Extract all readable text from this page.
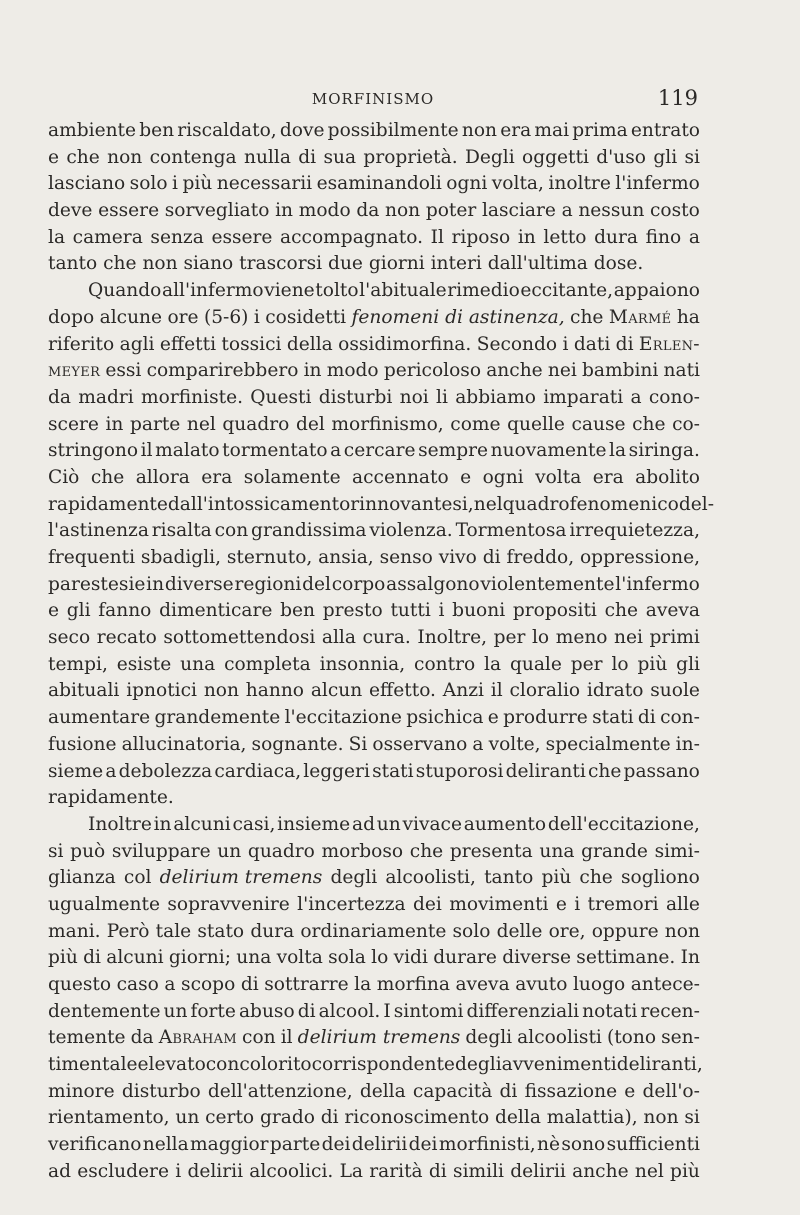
MORFINISMO	119
ambiente ben riscaldato, dove possibilmente non era mai prima entrato
e che non contenga nulla di sua proprietà. Degli oggetti d'uso gli si
lasciano solo i più necessarii esaminandoli ogni volta, inoltre l'infermo
deve essere sorvegliato in modo da non poter lasciare a nessun costo
la camera senza essere accompagnato. Il riposo in letto dura fino a
tanto che non siano trascorsi due giorni interi dall'ultima dose.
Quando all'infermo viene tolto l'abituale rimedio eccitante, appaiono
dopo alcune ore (5-6) i cosidetti fenomeni di astinenza, che Marmé ha
riferito agli effetti tossici della ossidimorfina. Secondo i dati di Erlen-
meyer essi comparirebbero in modo pericoloso anche nei bambini nati
da madri morfiniste. Questi disturbi noi li abbiamo imparati a cono-
scere in parte nel quadro del morfinismo, come quelle cause che co-
stringono il malato tormentato a cercare sempre nuovamente la siringa.
Ciò che allora era solamente accennato e ogni volta era abolito
rapidamente dall'intossicamento rinnovantesi, nel quadro fenomenico del-
l'astinenza risalta con grandissima violenza. Tormentosa irrequietezza,
frequenti sbadigli, sternuto, ansia, senso vivo di freddo, oppressione,
parestesie in diverse regioni del corpo assalgono violentemente l'infermo
e gli fanno dimenticare ben presto tutti i buoni propositi che aveva
seco recato sottomettendosi alla cura. Inoltre, per lo meno nei primi
tempi, esiste una completa insonnia, contro la quale per lo più gli
abituali ipnotici non hanno alcun effetto. Anzi il cloralio idrato suole
aumentare grandemente l'eccitazione psichica e produrre stati di con-
fusione allucinatoria, sognante. Si osservano a volte, specialmente in-
sieme a debolezza cardiaca, leggeri stati stuporosi deliranti che passano
rapidamente.
Inoltre in alcuni casi, insieme ad un vivace aumento dell'eccitazione,
si può sviluppare un quadro morboso che presenta una grande simi-
glianza col delirium tremens degli alcoolisti, tanto più che sogliono
ugualmente sopravvenire l'incertezza dei movimenti e i tremori alle
mani. Però tale stato dura ordinariamente solo delle ore, oppure non
più di alcuni giorni; una volta sola lo vidi durare diverse settimane. In
questo caso a scopo di sottrarre la morfina aveva avuto luogo antece-
dentemente un forte abuso di alcool. I sintomi differenziali notati recen-
temente da Abraham con il delirium tremens degli alcoolisti (tono sen-
timentale elevato con colorito corrispondente degli avvenimenti deliranti,
minore disturbo dell'attenzione, della capacità di fissazione e dell'o-
rientamento, un certo grado di riconoscimento della malattia), non si
verificano nella maggior parte dei delirii dei morfinisti, nè sono sufficienti
ad escludere i delirii alcoolici. La rarità di simili delirii anche nel più
